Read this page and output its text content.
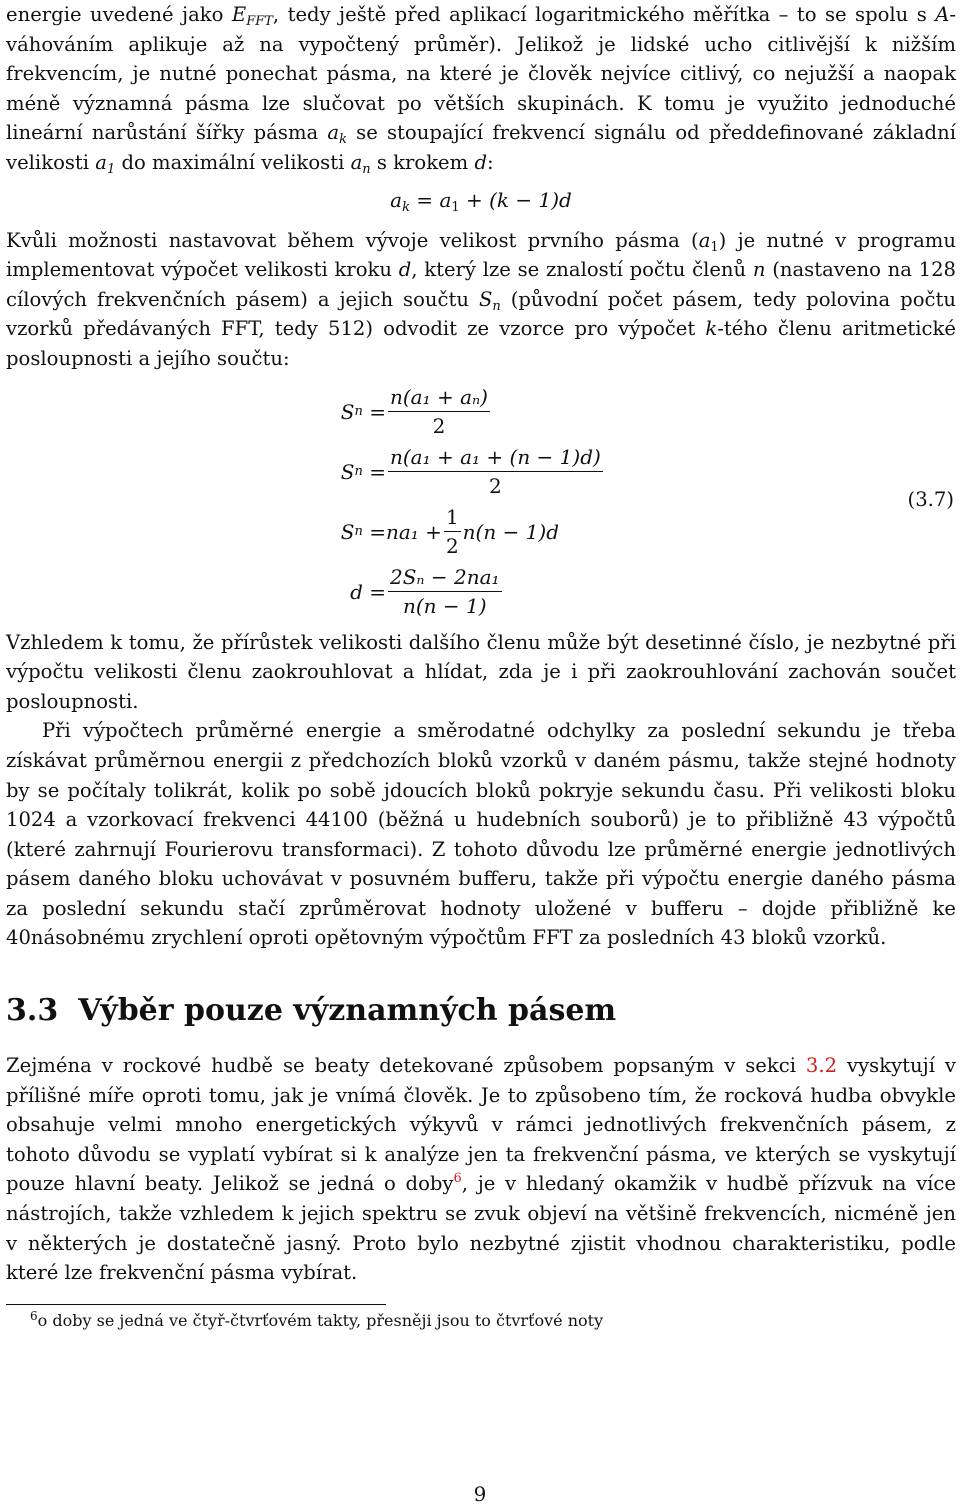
energie uvedené jako $E_{FFT}$, tedy ještě před aplikací logaritmického měřítka – to se spolu s A-váhováním aplikuje až na vypočtený průměr). Jelikož je lidské ucho citlivější k nižším frekvencím, je nutné ponechat pásma, na které je člověk nejvíce citlivý, co nejužší a naopak méně významná pásma lze slučovat po větších skupinách. K tomu je využito jednoduché lineární narůstání šířky pásma $a_k$ se stoupající frekvencí signálu od předdefinované základní velikosti $a_1$ do maximální velikosti $a_n$ s krokem d:

$a_k = a_1 + (k - 1)d$

Kvůli možnosti nastavovat během vývoje velikost prvního pásma $(a_1)$ je nutné v programu implementovat výpočet velikosti kroku d, který lze se znalostí počtu členů n (nastaveno na 128 cílových frekvenčních pásem) a jejich součtu $S_n$ (původní počet pásem, tedy polovina počtu vzorků předávaných FFT, tedy 512) odvodit ze vzorce pro výpočet k-tého členu aritmetické posloupnosti a jejího součtu:

S n
= $\frac{\text{n(a₁ + aₙ)}}{2}$
S n
= $\frac{\text{n(a₁ + a₁ + (n − 1)d)}}{2}$
S n
= $na_1 + \frac{1}{2} n(n - 1)d$
d
= $\frac{\text{2Sₙ − 2na₁}}{n(n - 1)}$
(3.7)

Vzhledem k tomu, že přírůstek velikosti dalšího členu může být desetinné číslo, je nezbytné při výpočtu velikosti členu zaokrouhlovat a hlídat, zda je i při zaokrouhlování zachován součet posloupnosti.

Při výpočtech průměrné energie a směrodatné odchylky za poslední sekundu je třeba získávat průměrnou energii z předchozích bloků vzorků v daném pásmu, takže stejné hodnoty by se počítaly tolikrát, kolik po sobě jdoucích bloků pokryje sekundu času. Při velikosti bloku 1024 a vzorkovací frekvenci 44100 (běžná u hudebních souborů) je to přibližně 43 výpočtů (které zahrnují Fourierovu transformaci). Z tohoto důvodu lze průměrné energie jednotlivých pásem daného bloku uchovávat v posuvném bufferu, takže při výpočtu energie daného pásma za poslední sekundu stačí zprůměrovat hodnoty uložené v bufferu – dojde přibližně ke 40násobnému zrychlení oproti opětovným výpočtům FFT za posledních 43 bloků vzorků.

3.3 Výběr pouze významných pásem

Zejména v rockové hudbě se beaty detekované způsobem popsaným v sekci 3.2 vyskytují v přílišné míře oproti tomu, jak je vnímá člověk. Je to způsobeno tím, že rocková hudba obvykle obsahuje velmi mnoho energetických výkyvů v rámci jednotlivých frekvenčních pásem, z tohoto důvodu se vyplatí vybírat si k analýze jen ta frekvenční pásma, ve kterých se vyskytují pouze hlavní beaty. Jelikož se jedná o doby$^6$, je v hledaný okamžik v hudbě přízvuk na více nástrojích, takže vzhledem k jejich spektru se zvuk objeví na většině frekvencích, nicméně jen v některých je dostatečně jasný. Proto bylo nezbytné zjistit vhodnou charakteristiku, podle které lze frekvenční pásma vybírat.

$^6$o doby se jedná ve čtyř-čtvrťovém takty, přesněji jsou to čtvrťové noty
9
